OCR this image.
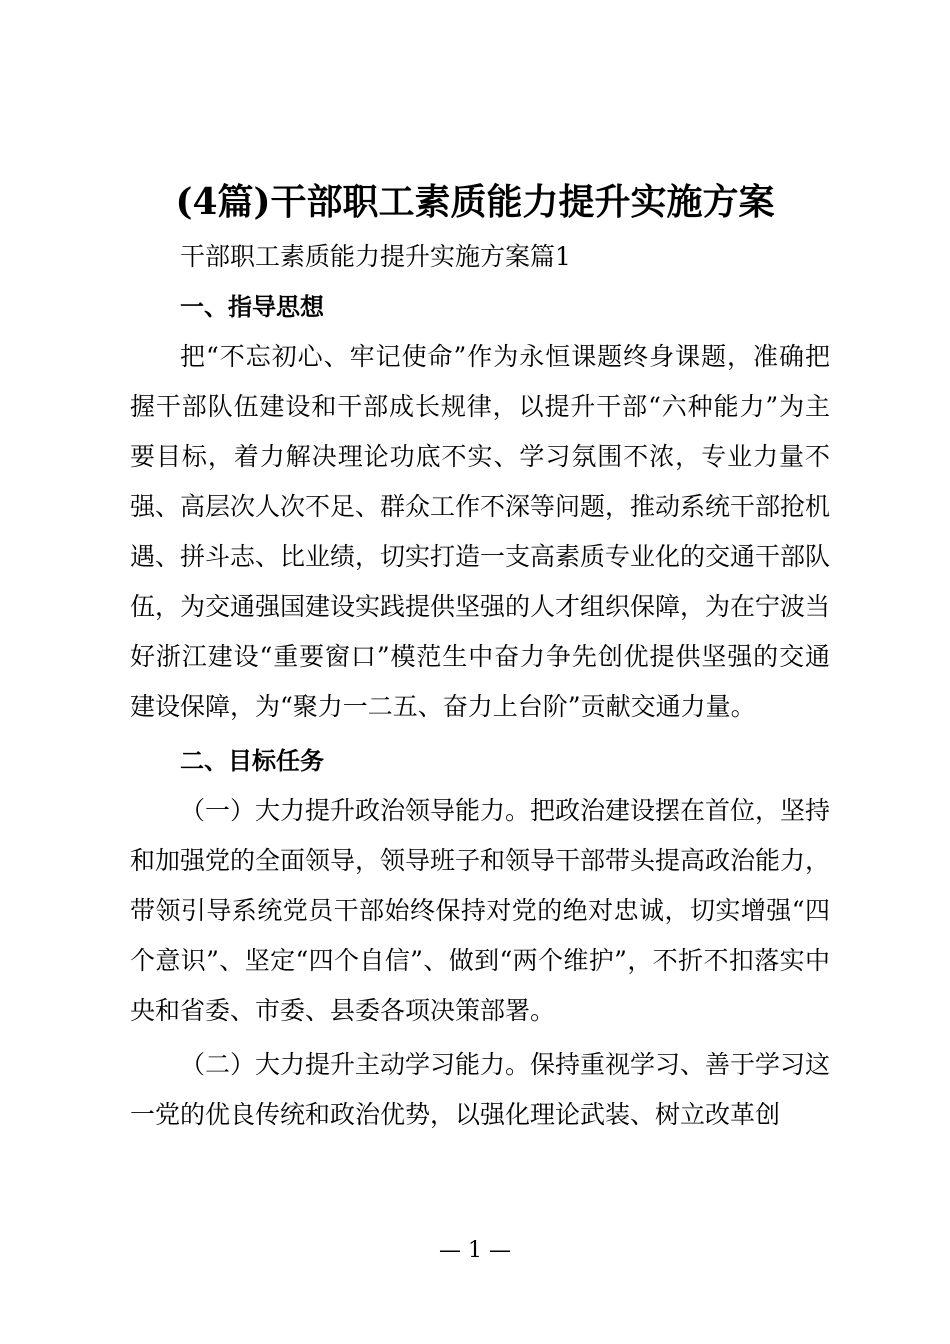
(4篇)干部职工素质能力提升实施方案

干部职工素质能力提升实施方案篇1

一、指导思想

把“不忘初心、牢记使命”作为永恒课题终身课题，准确把握干部队伍建设和干部成长规律，以提升干部“六种能力”为主要目标，着力解决理论功底不实、学习氛围不浓，专业力量不强、高层次人次不足、群众工作不深等问题，推动系统干部抢机遇、拼斗志、比业绩，切实打造一支高素质专业化的交通干部队伍，为交通强国建设实践提供坚强的人才组织保障，为在宁波当好浙江建设“重要窗口”模范生中奋力争先创优提供坚强的交通建设保障，为“聚力一二五、奋力上台阶”贡献交通力量。

二、目标任务

（一）大力提升政治领导能力。把政治建设摆在首位，坚持和加强党的全面领导，领导班子和领导干部带头提高政治能力，带领引导系统党员干部始终保持对党的绝对忠诚，切实增强“四个意识”、坚定“四个自信”、做到“两个维护”，不折不扣落实中央和省委、市委、县委各项决策部署。

（二）大力提升主动学习能力。保持重视学习、善于学习这一党的优良传统和政治优势，以强化理论武装、树立改革创

— 1 —
